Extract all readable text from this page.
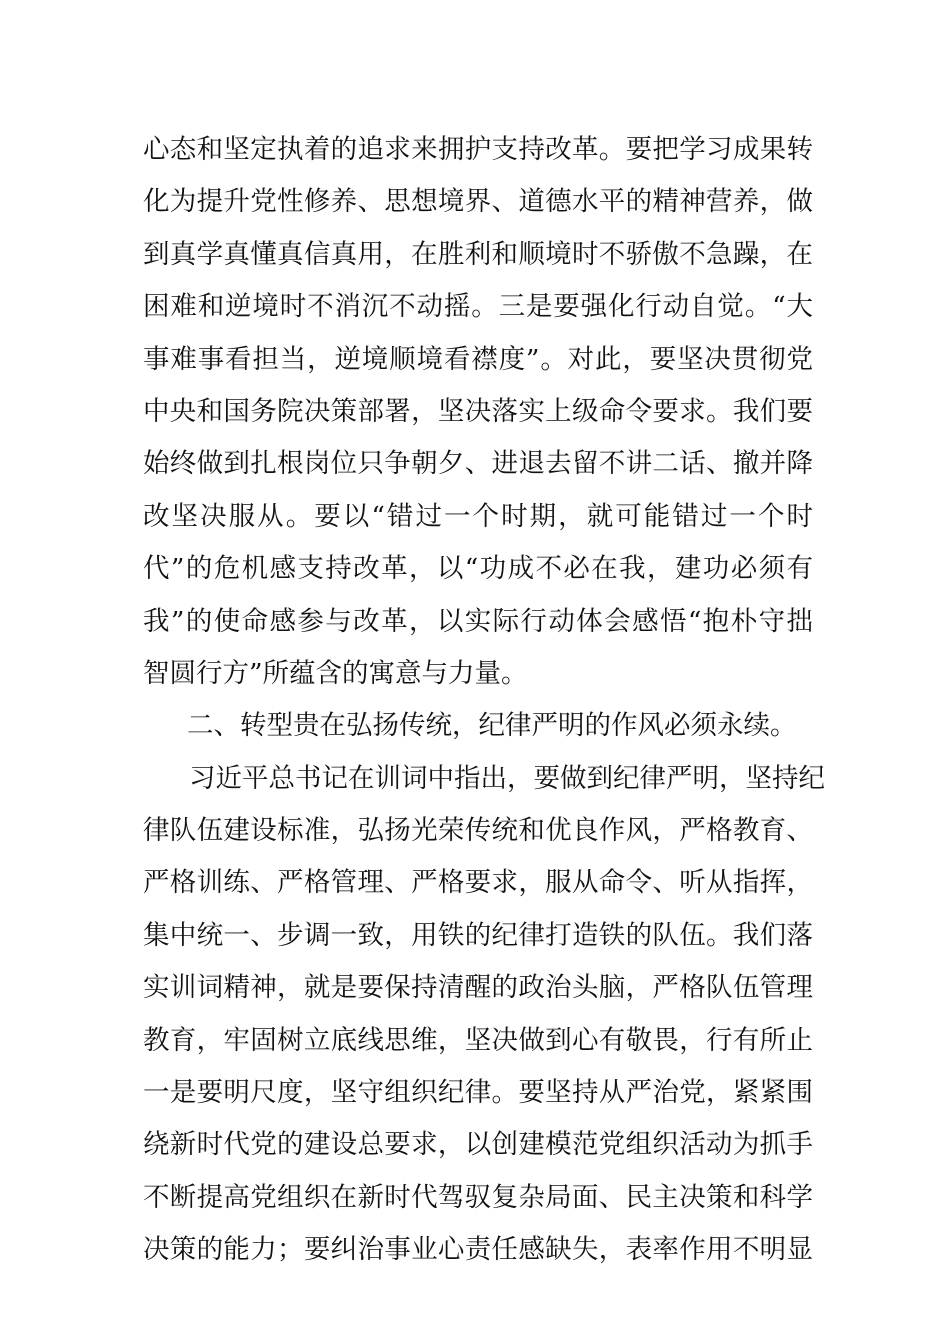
心态和坚定执着的追求来拥护支持改革。要把学习成果转
化为提升党性修养、思想境界、道德水平的精神营养，做
到真学真懂真信真用，在胜利和顺境时不骄傲不急躁，在
困难和逆境时不消沉不动摇。三是要强化行动自觉。“大
事难事看担当，逆境顺境看襟度”。对此，要坚决贯彻党
中央和国务院决策部署，坚决落实上级命令要求。我们要
始终做到扎根岗位只争朝夕、进退去留不讲二话、撤并降
改坚决服从。要以“错过一个时期，就可能错过一个时
代”的危机感支持改革，以“功成不必在我，建功必须有
我”的使命感参与改革，以实际行动体会感悟“抱朴守拙
智圆行方”所蕴含的寓意与力量。
二、转型贵在弘扬传统，纪律严明的作风必须永续。
习近平总书记在训词中指出，要做到纪律严明，坚持纪
律队伍建设标准，弘扬光荣传统和优良作风，严格教育、
严格训练、严格管理、严格要求，服从命令、听从指挥，
集中统一、步调一致，用铁的纪律打造铁的队伍。我们落
实训词精神，就是要保持清醒的政治头脑，严格队伍管理
教育，牢固树立底线思维，坚决做到心有敬畏，行有所止
一是要明尺度，坚守组织纪律。要坚持从严治党，紧紧围
绕新时代党的建设总要求，以创建模范党组织活动为抓手
不断提高党组织在新时代驾驭复杂局面、民主决策和科学
决策的能力；要纠治事业心责任感缺失，表率作用不明显
